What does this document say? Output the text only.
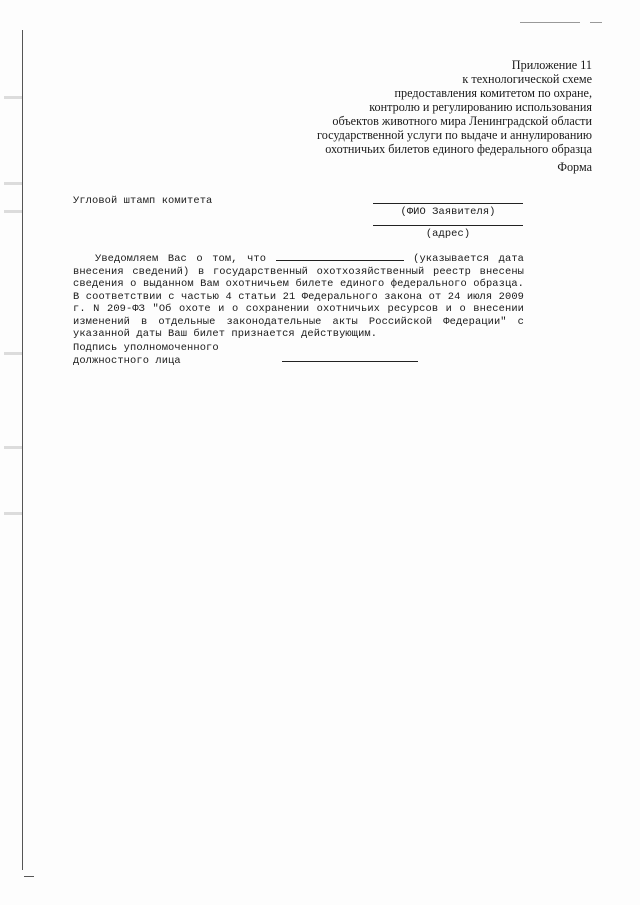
Приложение 11
к технологической схеме
предоставления комитетом по охране,
контролю и регулированию использования
объектов животного мира Ленинградской области
государственной услуги по выдаче и аннулированию
охотничьих билетов единого федерального образца
Форма
Угловой штамп комитета
(ФИО Заявителя)
(адрес)
Уведомляем Вас о том, что	(указывается дата внесения сведений) в государственный охотхозяйственный реестр внесены сведения о выданном Вам охотничьем билете единого федерального образца. В соответствии с частью 4 статьи 21 Федерального закона от 24 июля 2009 г. N 209-ФЗ "Об охоте и о сохранении охотничьих ресурсов и о внесении изменений в отдельные законодательные акты Российской Федерации" с указанной даты Ваш билет признается действующим.
Подпись уполномоченного
должностного лица
